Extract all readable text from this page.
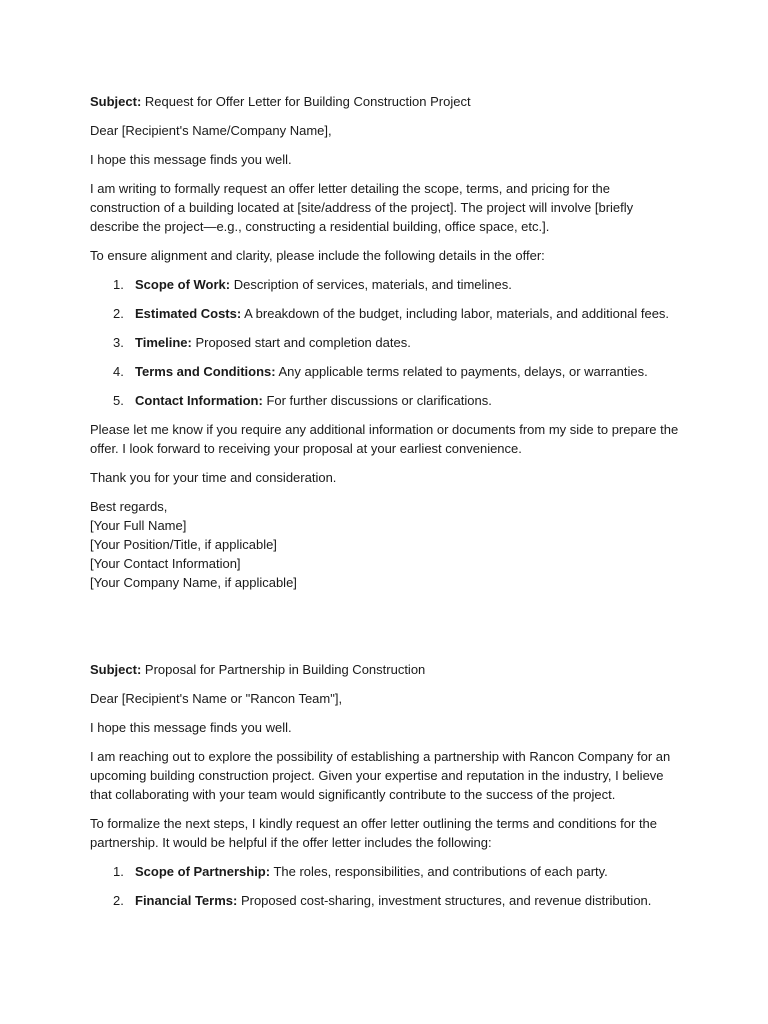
Subject: Request for Offer Letter for Building Construction Project

Dear [Recipient's Name/Company Name],

I hope this message finds you well.

I am writing to formally request an offer letter detailing the scope, terms, and pricing for the construction of a building located at [site/address of the project]. The project will involve [briefly describe the project—e.g., constructing a residential building, office space, etc.].

To ensure alignment and clarity, please include the following details in the offer:

1. Scope of Work: Description of services, materials, and timelines.
2. Estimated Costs: A breakdown of the budget, including labor, materials, and additional fees.
3. Timeline: Proposed start and completion dates.
4. Terms and Conditions: Any applicable terms related to payments, delays, or warranties.
5. Contact Information: For further discussions or clarifications.

Please let me know if you require any additional information or documents from my side to prepare the offer. I look forward to receiving your proposal at your earliest convenience.

Thank you for your time and consideration.

Best regards,
[Your Full Name]
[Your Position/Title, if applicable]
[Your Contact Information]
[Your Company Name, if applicable]

Subject: Proposal for Partnership in Building Construction

Dear [Recipient's Name or "Rancon Team"],

I hope this message finds you well.

I am reaching out to explore the possibility of establishing a partnership with Rancon Company for an upcoming building construction project. Given your expertise and reputation in the industry, I believe that collaborating with your team would significantly contribute to the success of the project.

To formalize the next steps, I kindly request an offer letter outlining the terms and conditions for the partnership. It would be helpful if the offer letter includes the following:

1. Scope of Partnership: The roles, responsibilities, and contributions of each party.
2. Financial Terms: Proposed cost-sharing, investment structures, and revenue distribution.
